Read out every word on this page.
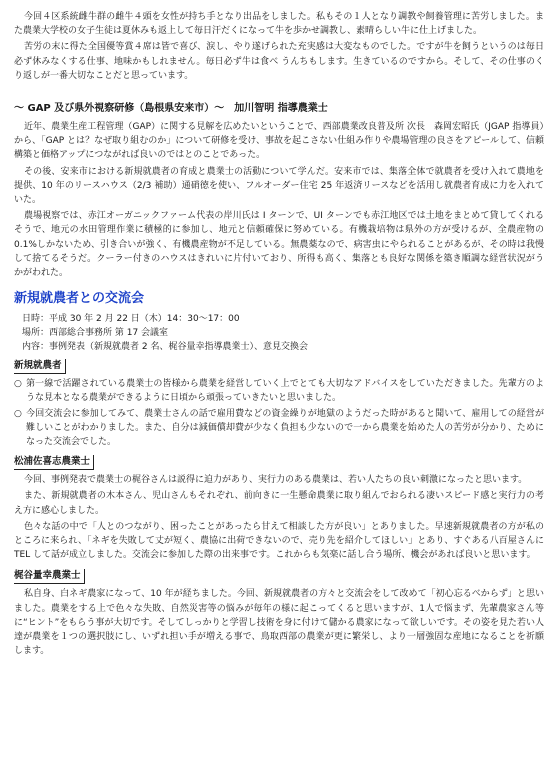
今回４区系統雌牛群の雌牛４頭を女性が持ち手となり出品をしました。私もその１人となり調教や飼養管理に苦労しました。また農業大学校の女子生徒は夏休みも返上して毎日汗だくになって牛を歩かせ調教し、素晴らしい牛に仕上げました。

苦労の末に得た全国優等賞４席は皆で喜び、涙し、やり遂げられた充実感は大変なものでした。ですが牛を飼うというのは毎日必ず休みなくする仕事、地味かもしれません。毎日必ず牛は食べ うんちもします。生きているのですから。そして、その仕事のくり返しが一番大切なことだと思っています。

～ GAP 及び県外視察研修（島根県安来市）～　加川智明 指導農業士

近年、農業生産工程管理（GAP）に関する見解を広めたいということで、西部農業改良普及所 次長　森岡宏昭氏（JGAP 指導員）から、「GAP とは？なぜ取り組むのか」について研修を受け、事故を起こさない仕組み作りや農場管理の良さをアピールして、信頼構築と価格アップにつながれば良いのではとのことであった。

その後、安来市における新規就農者の育成と農業士の活動について学んだ。安来市では、集落全体で就農者を受け入れて農地を提供、10 年のリースハウス（2/3 補助）通硝徳を使い、フルオーダー住宅 25 年返済リースなどを活用し就農者育成に力を入れていた。

農場視察では、赤江オーガニックファーム代表の岸川氏は I ターンで、UI ターンでも赤江地区では土地をまとめて貸してくれるそうで、地元の水田管理作業に積極的に参加し、地元と信頼確保に努めている。有機栽培物は県外の方が受けるが、全農産物の 0.1%しかないため、引き合いが強く、有機農産物が不足している。無農薬なので、病害虫にやられることがあるが、その時は我慢して捨てるそうだ。クーラー付きのハウスはきれいに片付いており、所得も高く、集落とも良好な関係を築き順調な経営状況がうかがわれた。

新規就農者との交流会
日時：平成 30 年 2 月 22 日（木）14：30～17：00
場所：西部総合事務所 第 17 会議室
内容：事例発表（新規就農者 2 名、梶谷量幸指導農業士）、意見交換会
新規就農者
○ 第一線で活躍されている農業士の皆様から農業を経営していく上でとても大切なアドバイスをしていただきました。先輩方のような見本となる農業ができるように日頃から頑張っていきたいと思いました。
○ 今回交流会に参加してみて、農業士さんの話で雇用費などの資金繰りが地獄のようだった時があると聞いて、雇用しての経営が難しいことがわかりました。また、自分は減価償却費が少なく負担も少ないので一から農業を始めた人の苦労が分かり、ためになった交流会でした。
松浦佐喜志農業士

今回、事例発表で農業士の梶谷さんは説得に迫力があり、実行力のある農業は、若い人たちの良い刺激になったと思います。

また、新規就農者の木本さん、児山さんもそれぞれ、前向きに一生懸命農業に取り組んでおられる凄いスピード感と実行力の考え方に感心しました。

色々な話の中で「人とのつながり、困ったことがあったら甘えて相談した方が良い」とありました。早速新規就農者の方が私のところに来られ、「ネギを失敗して丈が短く、農協に出荷できないので、売り先を紹介してほしい」とあり、すぐある八百屋さんに TEL して話が成立しました。交流会に参加した際の出来事です。これからも気楽に話し合う場所、機会があれば良いと思います。

梶谷量幸農業士

私自身、白ネギ農家になって、10 年が経ちました。今回、新規就農者の方々と交流会をして改めて「初心忘るべからず」と思いました。農業をする上で色々な失敗、自然災害等の悩みが毎年の様に起こってくると思いますが、1人で悩まず、先輩農家さん等に“ヒント”をもらう事が大切です。そしてしっかりと学習し技術を身に付けて儲かる農家になって欲しいです。その姿を見た若い人達が農業を１つの選択肢にし、いずれ担い手が増える事で、鳥取西部の農業が更に繁栄し、より一層強固な産地になることを祈願します。
